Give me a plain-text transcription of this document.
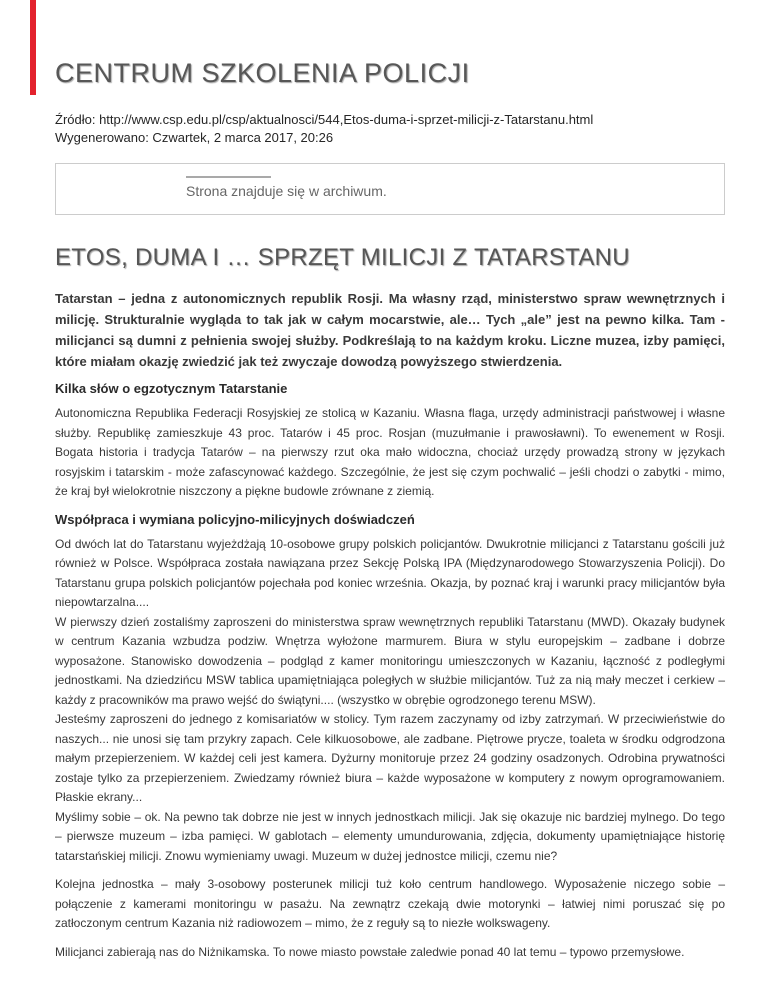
CENTRUM SZKOLENIA POLICJI

Źródło: http://www.csp.edu.pl/csp/aktualnosci/544,Etos-duma-i-sprzet-milicji-z-Tatarstanu.html

Wygenerowano: Czwartek, 2 marca 2017, 20:26

Strona znajduje się w archiwum.
ETOS, DUMA I … SPRZĘT MILICJI Z TATARSTANU

Tatarstan – jedna z autonomicznych republik Rosji. Ma własny rząd, ministerstwo spraw wewnętrznych i milicję. Strukturalnie wygląda to tak jak w całym mocarstwie, ale… Tych „ale” jest na pewno kilka. Tam - milicjanci są dumni z pełnienia swojej służby. Podkreślają to na każdym kroku. Liczne muzea, izby pamięci, które miałam okazję zwiedzić jak też zwyczaje dowodzą powyższego stwierdzenia.

Kilka słów o egzotycznym Tatarstanie

Autonomiczna Republika Federacji Rosyjskiej ze stolicą w Kazaniu. Własna flaga, urzędy administracji państwowej i własne służby. Republikę zamieszkuje 43 proc. Tatarów i 45 proc. Rosjan (muzułmanie i prawosławni). To ewenement w Rosji. Bogata historia i tradycja Tatarów – na pierwszy rzut oka mało widoczna, chociaż urzędy prowadzą strony w językach rosyjskim i tatarskim - może zafascynować każdego. Szczególnie, że jest się czym pochwalić – jeśli chodzi o zabytki - mimo, że kraj był wielokrotnie niszczony a piękne budowle zrównane z ziemią.

Współpraca i wymiana policyjno-milicyjnych doświadczeń

Od dwóch lat do Tatarstanu wyjeżdżają 10-osobowe grupy polskich policjantów. Dwukrotnie milicjanci z Tatarstanu gościli już również w Polsce. Współpraca została nawiązana przez Sekcję Polską IPA (Międzynarodowego Stowarzyszenia Policji). Do Tatarstanu grupa polskich policjantów pojechała pod koniec września. Okazja, by poznać kraj i warunki pracy milicjantów była niepowtarzalna....

W pierwszy dzień zostaliśmy zaproszeni do ministerstwa spraw wewnętrznych republiki Tatarstanu (MWD). Okazały budynek w centrum Kazania wzbudza podziw. Wnętrza wyłożone marmurem. Biura w stylu europejskim – zadbane i dobrze wyposażone. Stanowisko dowodzenia – podgląd z kamer monitoringu umieszczonych w Kazaniu, łączność z podległymi jednostkami. Na dziedzińcu MSW tablica upamiętniająca poległych w służbie milicjantów. Tuż za nią mały meczet i cerkiew – każdy z pracowników ma prawo wejść do świątyni.... (wszystko w obrębie ogrodzonego terenu MSW).

Jesteśmy zaproszeni do jednego z komisariatów w stolicy. Tym razem zaczynamy od izby zatrzymań. W przeciwieństwie do naszych... nie unosi się tam przykry zapach. Cele kilkuosobowe, ale zadbane. Piętrowe prycze, toaleta w środku odgrodzona małym przepierzeniem. W każdej celi jest kamera. Dyżurny monitoruje przez 24 godziny osadzonych. Odrobina prywatności zostaje tylko za przepierzeniem. Zwiedzamy również biura – każde wyposażone w komputery z nowym oprogramowaniem. Płaskie ekrany...

Myślimy sobie – ok. Na pewno tak dobrze nie jest w innych jednostkach milicji. Jak się okazuje nic bardziej mylnego. Do tego – pierwsze muzeum – izba pamięci. W gablotach – elementy umundurowania, zdjęcia, dokumenty upamiętniające historię tatarstańskiej milicji. Znowu wymieniamy uwagi. Muzeum w dużej jednostce milicji, czemu nie?

Kolejna jednostka – mały 3-osobowy posterunek milicji tuż koło centrum handlowego. Wyposażenie niczego sobie – połączenie z kamerami monitoringu w pasażu. Na zewnątrz czekają dwie motorynki – łatwiej nimi poruszać się po zatłoczonym centrum Kazania niż radiowozem – mimo, że z reguły są to niezłe wolkswageny.

Milicjanci zabierają nas do Niżnikamska. To nowe miasto powstałe zaledwie ponad 40 lat temu – typowo przemysłowe.
